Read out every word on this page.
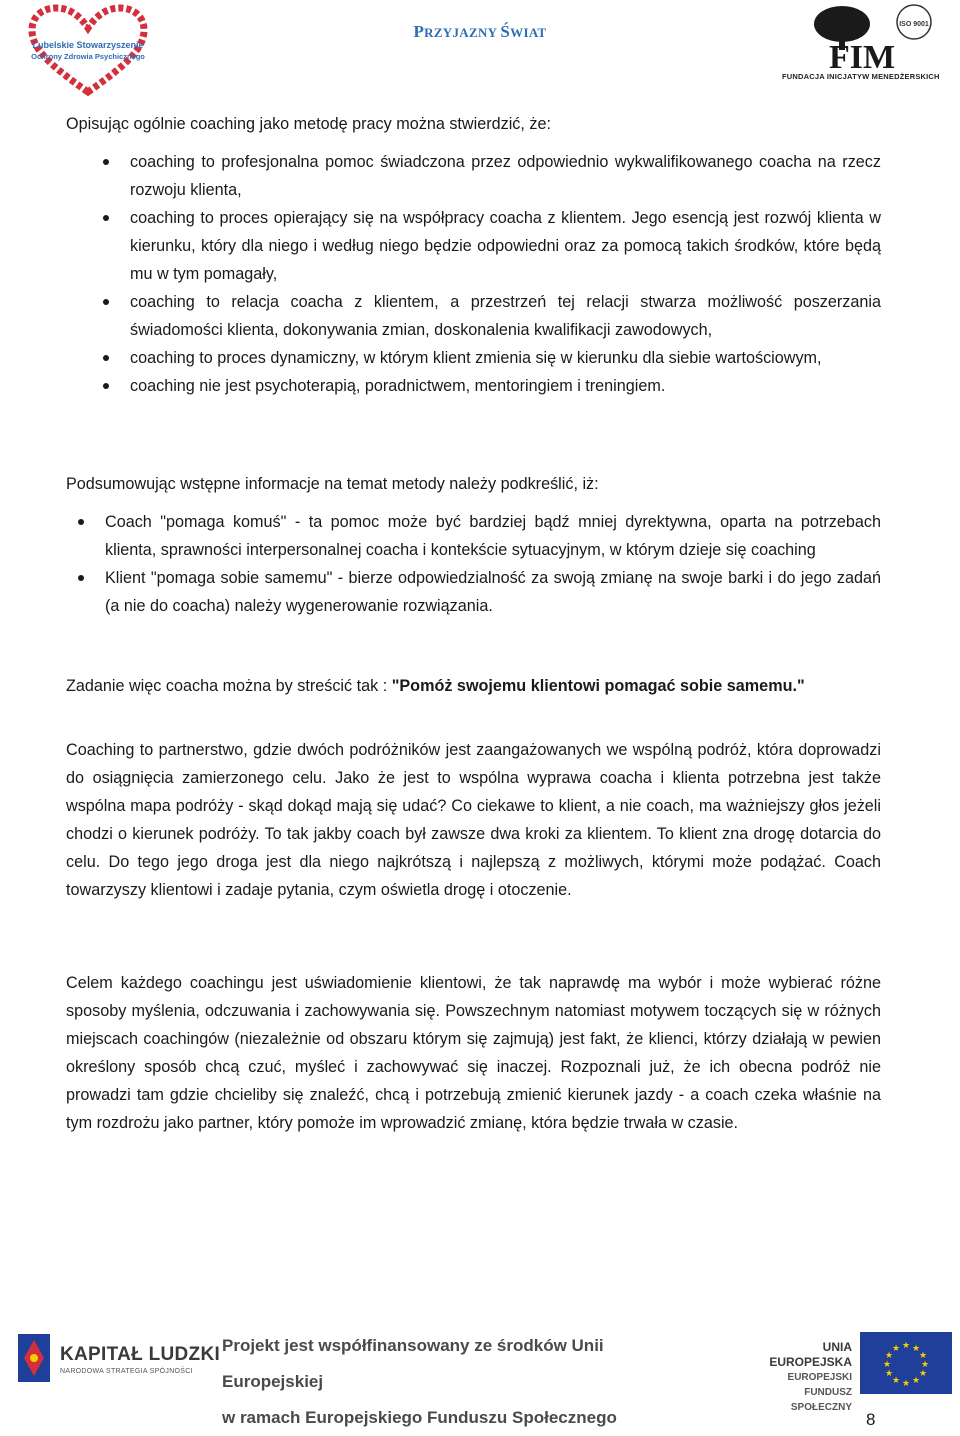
Lubelskie Stowarzyszenie
Ochrony Zdrowia Psychicznego
PRZYJAZNY ŚWIAT
FIM
ISO 9001
FUNDACJA INICJATYW MENEDŻERSKICH

Opisując ogólnie coaching jako metodę pracy można stwierdzić, że:

coaching to profesjonalna pomoc świadczona przez odpowiednio wykwalifikowanego coacha na rzecz rozwoju klienta,
coaching to proces opierający się na współpracy coacha z klientem. Jego esencją jest rozwój klienta w kierunku, który dla niego i według niego będzie odpowiedni oraz za pomocą takich środków, które będą mu w tym pomagały,
coaching to relacja coacha z klientem, a przestrzeń tej relacji stwarza możliwość poszerzania świadomości klienta, dokonywania zmian, doskonalenia kwalifikacji zawodowych,
coaching to proces dynamiczny, w którym klient zmienia się w kierunku dla siebie wartościowym,
coaching nie jest psychoterapią, poradnictwem, mentoringiem i treningiem.

Podsumowując wstępne informacje na temat metody należy podkreślić, iż:

Coach "pomaga komuś" - ta pomoc może być bardziej bądź mniej dyrektywna, oparta na potrzebach klienta, sprawności interpersonalnej coacha i kontekście sytuacyjnym, w którym dzieje się coaching
Klient "pomaga sobie samemu" - bierze odpowiedzialność za swoją zmianę na swoje barki i do jego zadań (a nie do coacha) należy wygenerowanie rozwiązania.

Zadanie więc coacha można by streścić tak : "Pomóż swojemu klientowi pomagać sobie samemu."

Coaching to partnerstwo, gdzie dwóch podróżników jest zaangażowanych we wspólną podróż, która doprowadzi do osiągnięcia zamierzonego celu. Jako że jest to wspólna wyprawa coacha i klienta potrzebna jest także wspólna mapa podróży - skąd dokąd mają się udać? Co ciekawe to klient, a nie coach, ma ważniejszy głos jeżeli chodzi o kierunek podróży. To tak jakby coach był zawsze dwa kroki za klientem. To klient zna drogę dotarcia do celu. Do tego jego droga jest dla niego najkrótszą i najlepszą z możliwych, którymi może podążać. Coach towarzyszy klientowi i zadaje pytania, czym oświetla drogę i otoczenie.

Celem każdego coachingu jest uświadomienie klientowi, że tak naprawdę ma wybór i może wybierać różne sposoby myślenia, odczuwania i zachowywania się. Powszechnym natomiast motywem toczących się w różnych miejscach coachingów (niezależnie od obszaru którym się zajmują) jest fakt, że klienci, którzy działają w pewien określony sposób chcą czuć, myśleć i zachowywać się inaczej. Rozpoznali już, że ich obecna podróż nie prowadzi tam gdzie chcieliby się znaleźć, chcą i potrzebują zmienić kierunek jazdy - a coach czeka właśnie na tym rozdrożu jako partner, który pomoże im wprowadzić zmianę, która będzie trwała w czasie.

KAPITAŁ LUDZKI
NARODOWA STRATEGIA SPÓJNOŚCI
Projekt jest współfinansowany ze środków Unii Europejskiej
w ramach Europejskiego Funduszu Społecznego
UNIA EUROPEJSKA
EUROPEJSKI
FUNDUSZ SPOŁECZNY
★ ★
★
★
★
★
★
★
★
★
★
★
8
